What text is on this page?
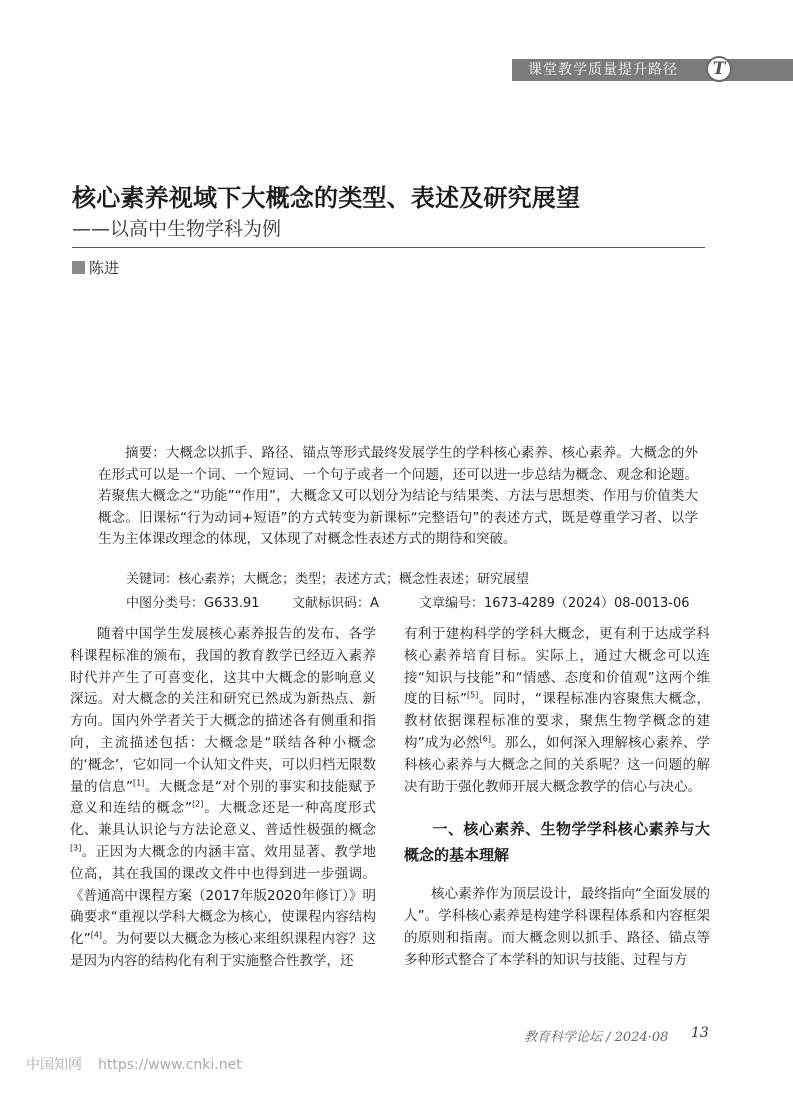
课堂教学质量提升路径	T
核心素养视域下大概念的类型、表述及研究展望
——以高中生物学科为例
陈进
摘要：大概念以抓手、路径、锚点等形式最终发展学生的学科核心素养、核心素养。大概念的外在形式可以是一个词、一个短词、一个句子或者一个问题，还可以进一步总结为概念、观念和论题。若聚焦大概念之“功能”“作用”，大概念又可以划分为结论与结果类、方法与思想类、作用与价值类大概念。旧课标“行为动词+短语”的方式转变为新课标“完整语句”的表述方式，既是尊重学习者、以学生为主体课改理念的体现，又体现了对概念性表述方式的期待和突破。
关键词：核心素养；大概念；类型；表述方式；概念性表述；研究展望
中图分类号：G633.91 文献标识码：A	文章编号：1673-4289（2024）08-0013-06

随着中国学生发展核心素养报告的发布、各学科课程标准的颁布，我国的教育教学已经迈入素养时代并产生了可喜变化，这其中大概念的影响意义深远。对大概念的关注和研究已然成为新热点、新方向。国内外学者关于大概念的描述各有侧重和指向，主流描述包括：大概念是“联结各种小概念的‘概念’，它如同一个认知文件夹，可以归档无限数量的信息”[1]。大概念是“对个别的事实和技能赋予意义和连结的概念”[2]。大概念还是一种高度形式化、兼具认识论与方法论意义、普适性极强的概念[3]。正因为大概念的内涵丰富、效用显著、教学地位高，其在我国的课改文件中也得到进一步强调。《普通高中课程方案（2017年版2020年修订）》明确要求“重视以学科大概念为核心，使课程内容结构化”[4]。为何要以大概念为核心来组织课程内容？这是因为内容的结构化有利于实施整合性教学，还

有利于建构科学的学科大概念，更有利于达成学科核心素养培育目标。实际上，通过大概念可以连接“知识与技能”和“情感、态度和价值观”这两个维度的目标”[5]。同时，“课程标准内容聚焦大概念，教材依据课程标准的要求，聚焦生物学概念的建构”成为必然[6]。那么，如何深入理解核心素养、学科核心素养与大概念之间的关系呢？这一问题的解决有助于强化教师开展大概念教学的信心与决心。

一、核心素养、生物学学科核心素养与大概念的基本理解

核心素养作为顶层设计，最终指向“全面发展的人”。学科核心素养是构建学科课程体系和内容框架的原则和指南。而大概念则以抓手、路径、锚点等多种形式整合了本学科的知识与技能、过程与方

教育科学论坛 / 2024·08 13
中国知网 https://www.cnki.net
